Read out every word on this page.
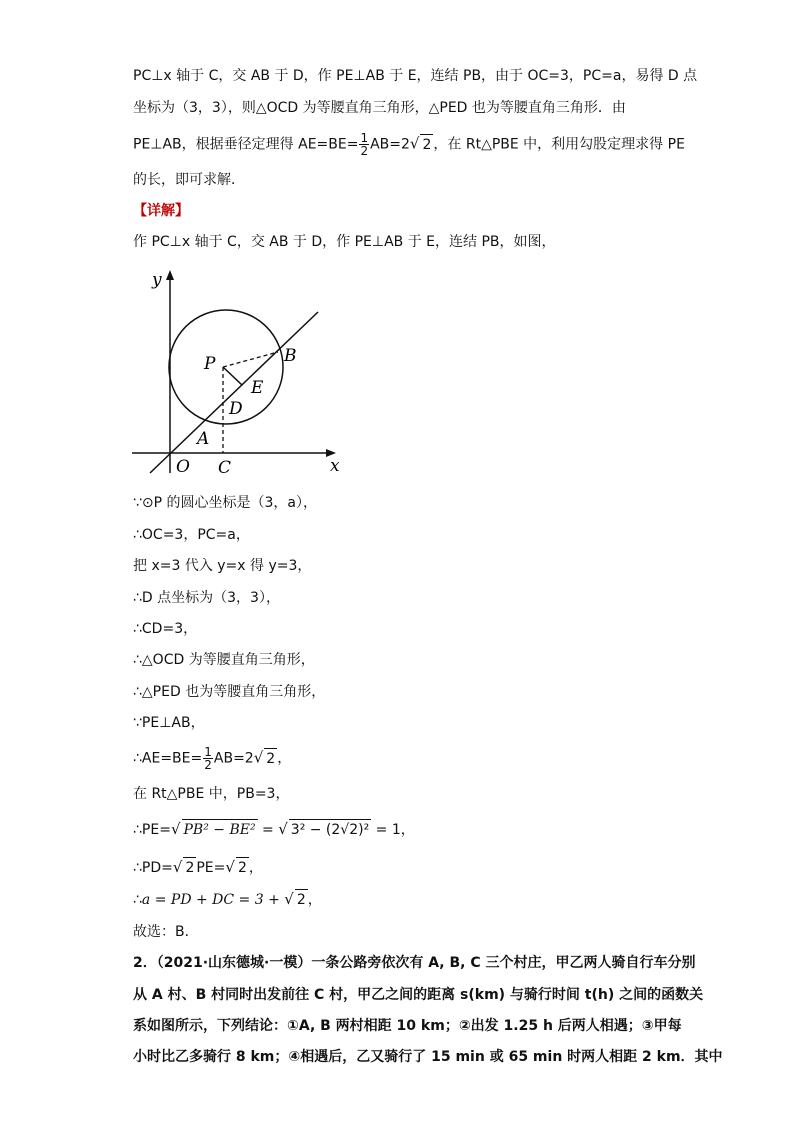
PC⊥x 轴于 C，交 AB 于 D，作 PE⊥AB 于 E，连结 PB，由于 OC=3，PC=a，易得 D 点
坐标为（3，3），则△OCD 为等腰直角三角形，△PED 也为等腰直角三角形．由
PE⊥AB，根据垂径定理得 $AE=BE= \frac{1}{2} AB=2√$ 2 ，在 Rt△PBE 中，利用勾股定理求得 PE
的长，即可求解．
【详解】
作 PC⊥x 轴于 C，交 AB 于 D，作 PE⊥AB 于 E，连结 PB，如图，
y
x
O C
A
D
E
P	B
∵⊙P 的圆心坐标是（3，a），
∴OC=3，PC=a，
把 x=3 代入 y=x 得 y=3，
∴D 点坐标为（3，3），
∴CD=3，
∴△OCD 为等腰直角三角形，
∴△PED 也为等腰直角三角形，
∵PE⊥AB，
∴AE=BE= $\frac{1}{2} AB=2√$ 2 ，
在 Rt△PBE 中，PB=3，
∴PE=√ PB² − BE² = √ 3² − (2√2)² = 1，
∴PD=√ 2 PE=√ 2 ，
∴a = PD + DC = 3 + √ 2 ，
故选：B．
2．（2021·山东德城·一模）一条公路旁依次有 A, B, C 三个村庄，甲乙两人骑自行车分别
从 A 村、B 村同时出发前往 C 村，甲乙之间的距离 s(km) 与骑行时间 t(h) 之间的函数关
系如图所示，下列结论：①A, B 两村相距 10 km；②出发 1.25 h 后两人相遇；③甲每
小时比乙多骑行 8 km；④相遇后，乙又骑行了 15 min 或 65 min 时两人相距 2 km．其中
